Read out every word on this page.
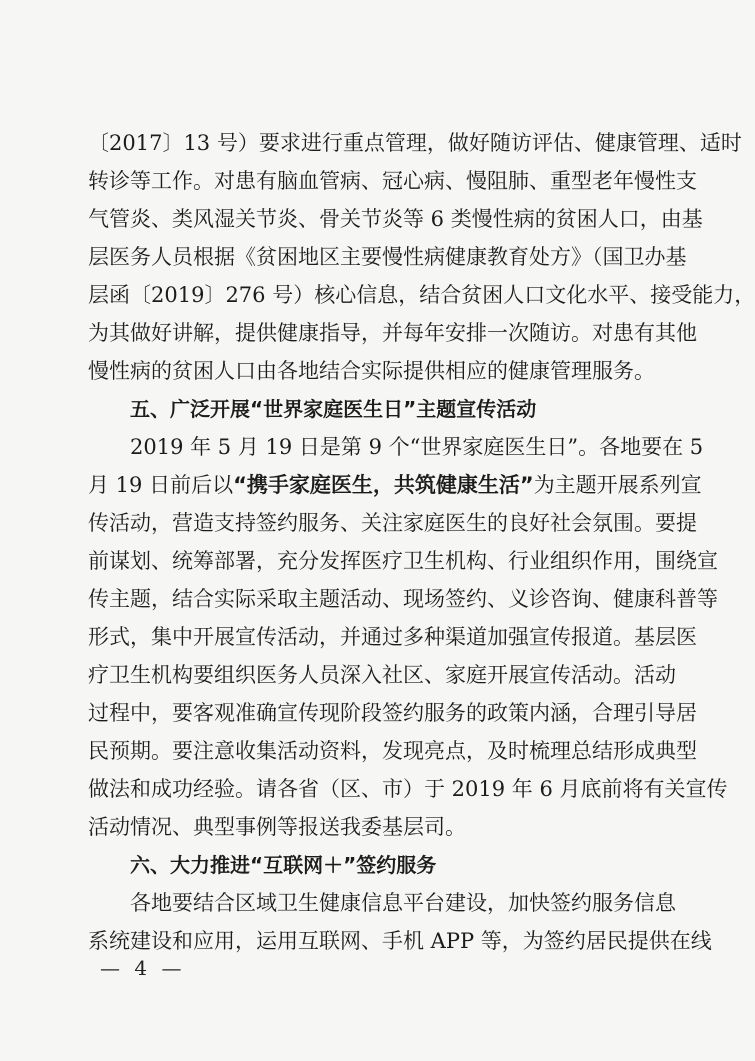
〔2017〕13 号）要求进行重点管理，做好随访评估、健康管理、适时
转诊等工作。对患有脑血管病、冠心病、慢阻肺、重型老年慢性支
气管炎、类风湿关节炎、骨关节炎等 6 类慢性病的贫困人口，由基
层医务人员根据《贫困地区主要慢性病健康教育处方》（国卫办基
层函〔2019〕276 号）核心信息，结合贫困人口文化水平、接受能力，
为其做好讲解，提供健康指导，并每年安排一次随访。对患有其他
慢性病的贫困人口由各地结合实际提供相应的健康管理服务。
五、广泛开展“世界家庭医生日”主题宣传活动
2019 年 5 月 19 日是第 9 个“世界家庭医生日”。各地要在 5
月 19 日前后以“携手家庭医生，共筑健康生活”为主题开展系列宣
传活动，营造支持签约服务、关注家庭医生的良好社会氛围。要提
前谋划、统筹部署，充分发挥医疗卫生机构、行业组织作用，围绕宣
传主题，结合实际采取主题活动、现场签约、义诊咨询、健康科普等
形式，集中开展宣传活动，并通过多种渠道加强宣传报道。基层医
疗卫生机构要组织医务人员深入社区、家庭开展宣传活动。活动
过程中，要客观准确宣传现阶段签约服务的政策内涵，合理引导居
民预期。要注意收集活动资料，发现亮点，及时梳理总结形成典型
做法和成功经验。请各省（区、市）于 2019 年 6 月底前将有关宣传
活动情况、典型事例等报送我委基层司。
六、大力推进“互联网＋”签约服务
各地要结合区域卫生健康信息平台建设，加快签约服务信息
系统建设和应用，运用互联网、手机 APP 等，为签约居民提供在线
— 4 —
